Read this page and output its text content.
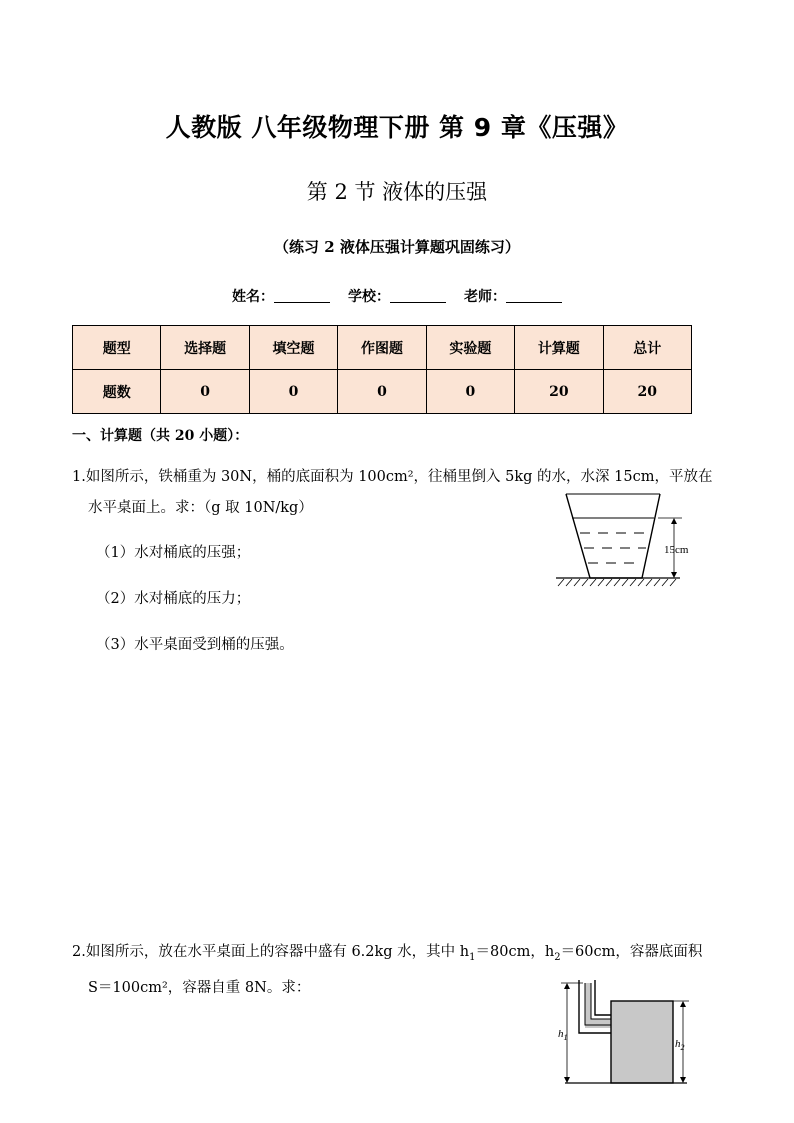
人教版 八年级物理下册 第 9 章《压强》
第 2 节 液体的压强
（练习 2 液体压强计算题巩固练习）
姓名：	学校：	老师：
题型	选择题	填空题	作图题	实验题	计算题	总计
题数	0	0	0	0	20	20
一、计算题（共 20 小题）：
1.如图所示，铁桶重为 30N，桶的底面积为 100cm²，往桶里倒入 5kg 的水，水深 15cm，平放在
水平桌面上。求：（g 取 10N/kg）
（1）水对桶底的压强；
（2）水对桶底的压力；
（3）水平桌面受到桶的压强。
15cm
2.如图所示，放在水平桌面上的容器中盛有 6.2kg 水，其中 $h_1=80cm$，$h_2=60cm$，容器底面积
S＝100cm²，容器自重 8N。求：
$h_1$
$h_2$
